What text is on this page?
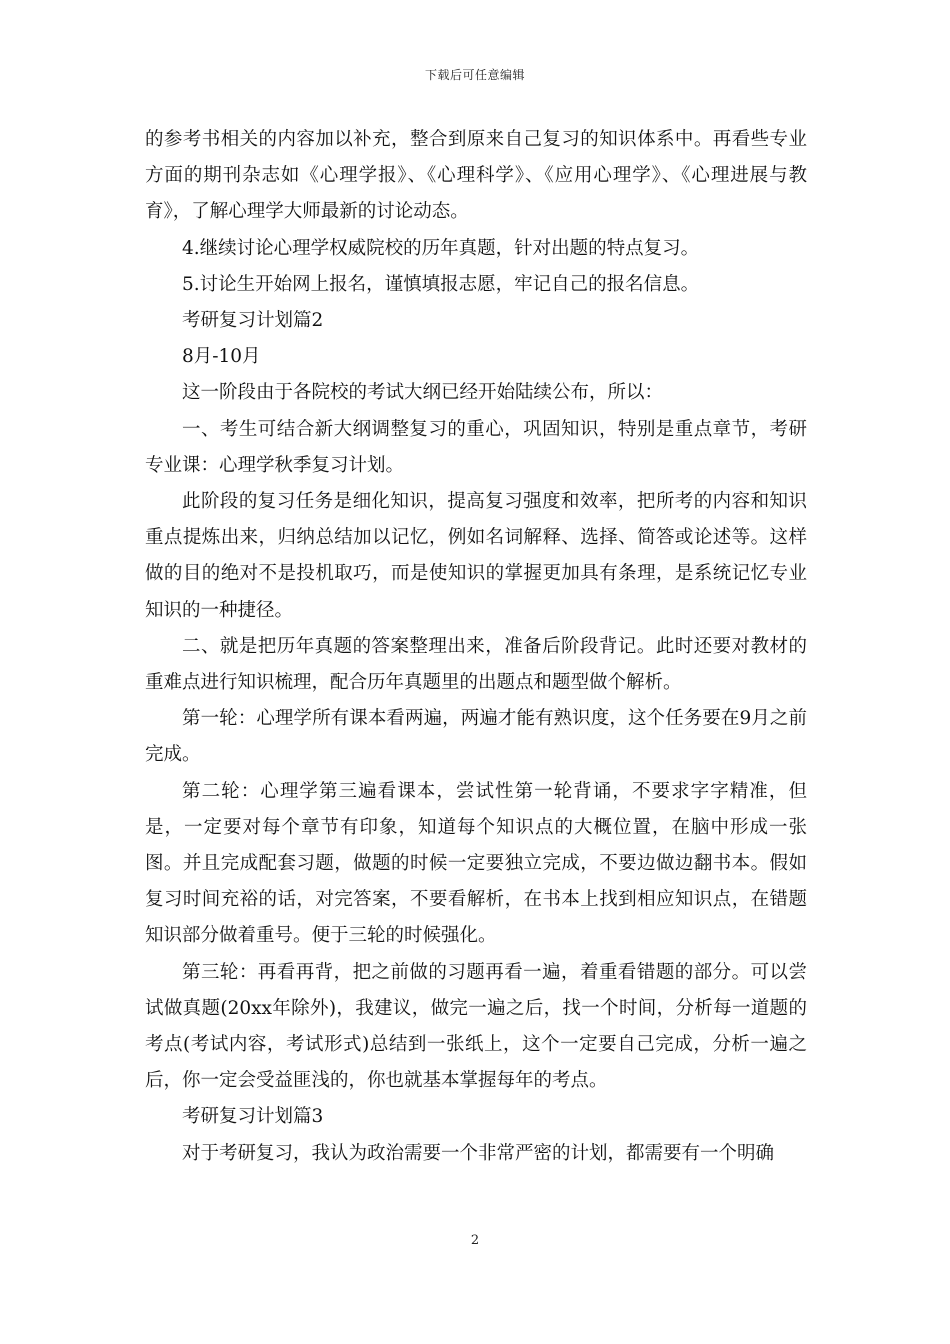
下载后可任意编辑

的参考书相关的内容加以补充，整合到原来自己复习的知识体系中。再看些专业方面的期刊杂志如《心理学报》、《心理科学》、《应用心理学》、《心理进展与教育》，了解心理学大师最新的讨论动态。

4.继续讨论心理学权威院校的历年真题，针对出题的特点复习。

5.讨论生开始网上报名，谨慎填报志愿，牢记自己的报名信息。

考研复习计划篇2

8月-10月

这一阶段由于各院校的考试大纲已经开始陆续公布，所以：

一、考生可结合新大纲调整复习的重心，巩固知识，特别是重点章节，考研专业课：心理学秋季复习计划。

此阶段的复习任务是细化知识，提高复习强度和效率，把所考的内容和知识重点提炼出来，归纳总结加以记忆，例如名词解释、选择、简答或论述等。这样做的目的绝对不是投机取巧，而是使知识的掌握更加具有条理，是系统记忆专业知识的一种捷径。

二、就是把历年真题的答案整理出来，准备后阶段背记。此时还要对教材的重难点进行知识梳理，配合历年真题里的出题点和题型做个解析。

第一轮：心理学所有课本看两遍，两遍才能有熟识度，这个任务要在9月之前完成。

第二轮：心理学第三遍看课本，尝试性第一轮背诵，不要求字字精准，但是，一定要对每个章节有印象，知道每个知识点的大概位置，在脑中形成一张图。并且完成配套习题，做题的时候一定要独立完成，不要边做边翻书本。假如复习时间充裕的话，对完答案，不要看解析，在书本上找到相应知识点，在错题知识部分做着重号。便于三轮的时候强化。

第三轮：再看再背，把之前做的习题再看一遍，着重看错题的部分。可以尝试做真题(20xx年除外)，我建议，做完一遍之后，找一个时间，分析每一道题的考点(考试内容，考试形式)总结到一张纸上，这个一定要自己完成，分析一遍之后，你一定会受益匪浅的，你也就基本掌握每年的考点。

考研复习计划篇3

对于考研复习，我认为政治需要一个非常严密的计划，都需要有一个明确

2
